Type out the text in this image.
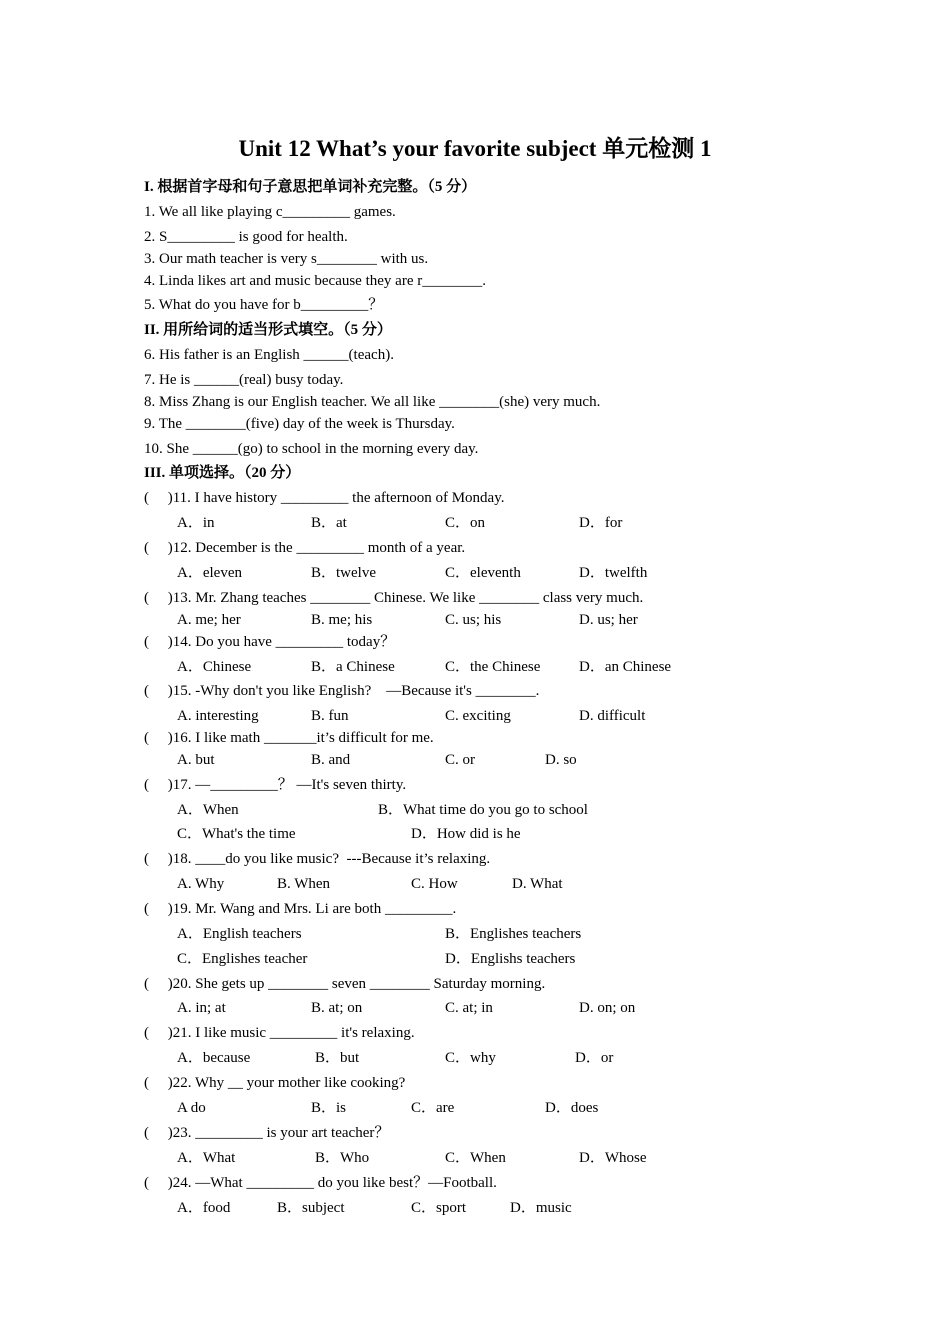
Unit 12 What’s your favorite subject 单元检测 1
I. 根据首字母和句子意思把单词补充完整。（5 分）
1. We all like playing c_________ games.
2. S_________ is good for health.
3. Our math teacher is very s________ with us.
4. Linda likes art and music because they are r________.
5. What do you have for b_________？
II. 用所给词的适当形式填空。（5 分）
6. His father is an English ______(teach).
7. He is ______(real) busy today.
8. Miss Zhang is our English teacher. We all like ________(she) very much.
9. The ________(five) day of the week is Thursday.
10. She ______(go) to school in the morning every day.
III. 单项选择。（20 分）
(     )11. I have history _________ the afternoon of Monday.
A．in	B．at	C．on	D．for
(     )12. December is the _________ month of a year.
A．eleven	B．twelve	C．eleventh	D．twelfth
(     )13. Mr. Zhang teaches ________ Chinese. We like ________ class very much.
A. me; her	B. me; his	C. us; his	D. us; her
(     )14. Do you have _________ today？
A．Chinese	B．a Chinese	C．the Chinese	D．an Chinese
(     )15. -Why don't you like English?    —Because it's ________.
A. interesting	B. fun	C. exciting	D. difficult
(     )16. I like math _______it’s difficult for me.
A. but	B. and	C. or	D. so
(     )17. —_________？ —It's seven thirty.
A．When	B．What time do you go to school
C．What's the time	D．How did is he
(     )18. ____do you like music?  ---Because it’s relaxing.
A. Why	B. When	C. How	D. What
(     )19. Mr. Wang and Mrs. Li are both _________.
A．English teachers	B．Englishes teachers
C．Englishes teacher	D．Englishs teachers
(     )20. She gets up ________ seven ________ Saturday morning.
A. in; at	B. at; on	C. at; in	D. on; on
(     )21. I like music _________ it's relaxing.
A．because	B．but	C．why	D．or
(     )22. Why __ your mother like cooking?
A do	B．is	C．are	D．does
(     )23. _________ is your art teacher？
A．What	B．Who	C．When	D．Whose
(     )24. —What _________ do you like best？—Football.
A．food	B．subject	C．sport	D．music
